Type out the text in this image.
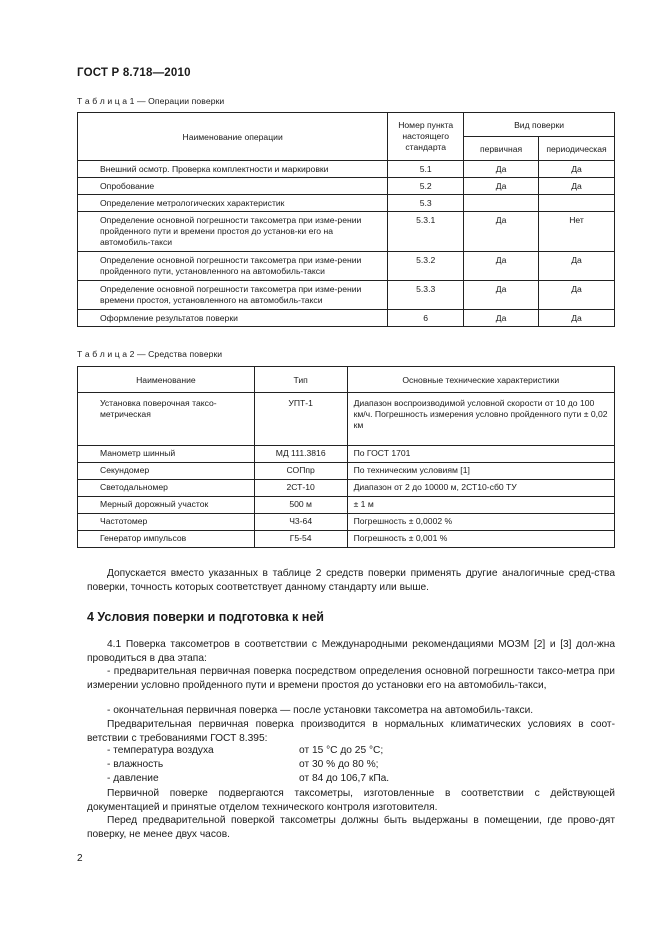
ГОСТ Р 8.718—2010
Т а б л и ц а 1 — Операции поверки
Наименование операции	Номер пункта настоящего стандарта	Вид поверки	
		первичная	периодическая
Внешний осмотр. Проверка комплектности и маркировки	5.1	Да	Да
Опробование	5.2	Да	Да
Определение метрологических характеристик	5.3		
Определение основной погрешности таксометра при изме-рении пройденного пути и времени простоя до установ-ки его на автомобиль-такси	5.3.1	Да	Нет
Определение основной погрешности таксометра при изме-рении пройденного пути, установленного на автомобиль-такси	5.3.2	Да	Да
Определение основной погрешности таксометра при изме-рении времени простоя, установленного на автомобиль-такси	5.3.3	Да	Да
Оформление результатов поверки	6	Да	Да
Т а б л и ц а 2 — Средства поверки
Наименование	Тип	Основные технические характеристики
Установка поверочная таксо-метрическая	УПТ-1	Диапазон воспроизводимой условной скорости от 10 до 100 км/ч. Погрешность измерения условно пройденного пути ± 0,02 км
Манометр шинный	МД 111.3816	По ГОСТ 1701
Секундомер	СОПпр	По техническим условиям [1]
Светодальномер	2СТ-10	Диапазон от 2 до 10000 м, 2СТ10-сб0 ТУ
Мерный дорожный участок	500 м	± 1 м
Частотомер	Ч3-64	Погрешность ± 0,0002 %
Генератор импульсов	Г5-54	Погрешность ± 0,001 %
Допускается вместо указанных в таблице 2 средств поверки применять другие аналогичные сред-ства поверки, точность которых соответствует данному стандарту или выше.
4 Условия поверки и подготовка к ней
4.1 Поверка таксометров в соответствии с Международными рекомендациями МОЗМ [2] и [3] дол-жна проводиться в два этапа:
- предварительная первичная поверка посредством определения основной погрешности таксо-метра при измерении условно пройденного пути и времени простоя до установки его на автомобиль-такси,
- окончательная первичная поверка — после установки таксометра на автомобиль-такси.
Предварительная первичная поверка производится в нормальных климатических условиях в соот-ветствии с требованиями ГОСТ 8.395:
- температура воздуха	от 15 °С до 25 °С;
- влажность	от 30 % до 80 %;
- давление	от 84 до 106,7 кПа.
Первичной поверке подвергаются таксометры, изготовленные в соответствии с действующей документацией и принятые отделом технического контроля изготовителя.
Перед предварительной поверкой таксометры должны быть выдержаны в помещении, где прово-дят поверку, не менее двух часов.
2
